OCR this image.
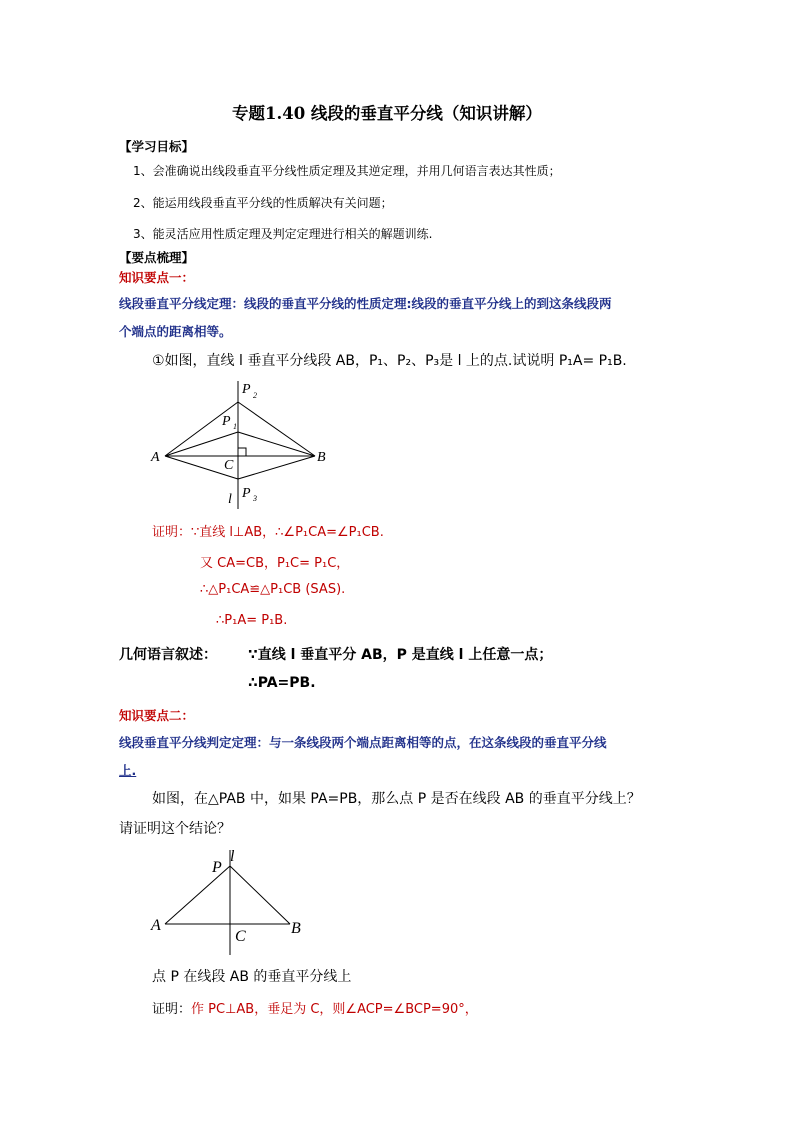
专题1.40 线段的垂直平分线（知识讲解）
【学习目标】
1、会准确说出线段垂直平分线性质定理及其逆定理，并用几何语言表达其性质；
2、能运用线段垂直平分线的性质解决有关问题；
3、能灵活应用性质定理及判定定理进行相关的解题训练.
【要点梳理】
知识要点一：
线段垂直平分线定理：线段的垂直平分线的性质定理:线段的垂直平分线上的到这条线段两
个端点的距离相等。
①如图，直线 l 垂直平分线段 AB，P₁、P₂、P₃是 l 上的点.试说明 P₁A= P₁B.
P 2
P 1
A	B
C
l P 3
证明：∵直线 l⊥AB，∴∠P₁CA=∠P₁CB.
又 CA=CB，P₁C= P₁C，
∴△P₁CA≌△P₁CB (SAS).
∴P₁A= P₁B.
几何语言叙述： ∵直线 l 垂直平分 AB，P 是直线 l 上任意一点；
∴PA=PB.
知识要点二：
线段垂直平分线判定定理：与一条线段两个端点距离相等的点，在这条线段的垂直平分线
上.
如图，在△PAB 中，如果 PA=PB，那么点 P 是否在线段 AB 的垂直平分线上？
请证明这个结论？
P
l
A
C	B
点 P 在线段 AB 的垂直平分线上
证明：作 PC⊥AB，垂足为 C，则∠ACP=∠BCP=90°，
